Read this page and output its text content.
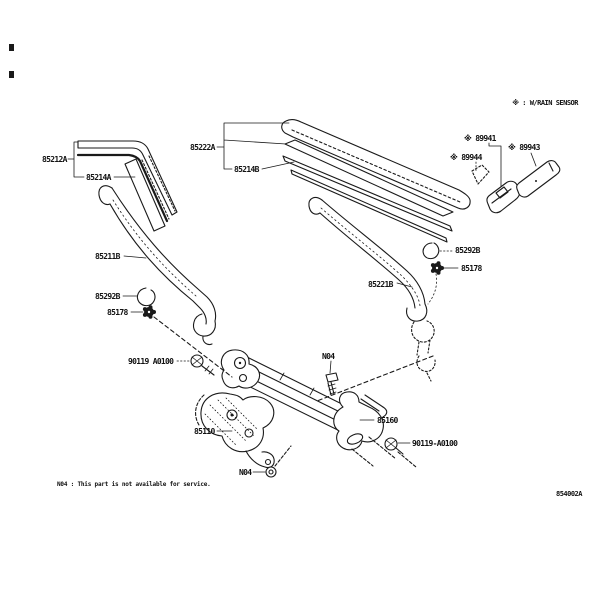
※ : W/RAIN SENSOR
85212A
85214A
85222A
85214B
※ 89941
※ 89944
※ 89943
85292B
85178
85211B
85292B
85178
85221B
90119 A0100
N04
85160
85110
90119-A0100
N04
N04 : This part is not available for service.
854002A
